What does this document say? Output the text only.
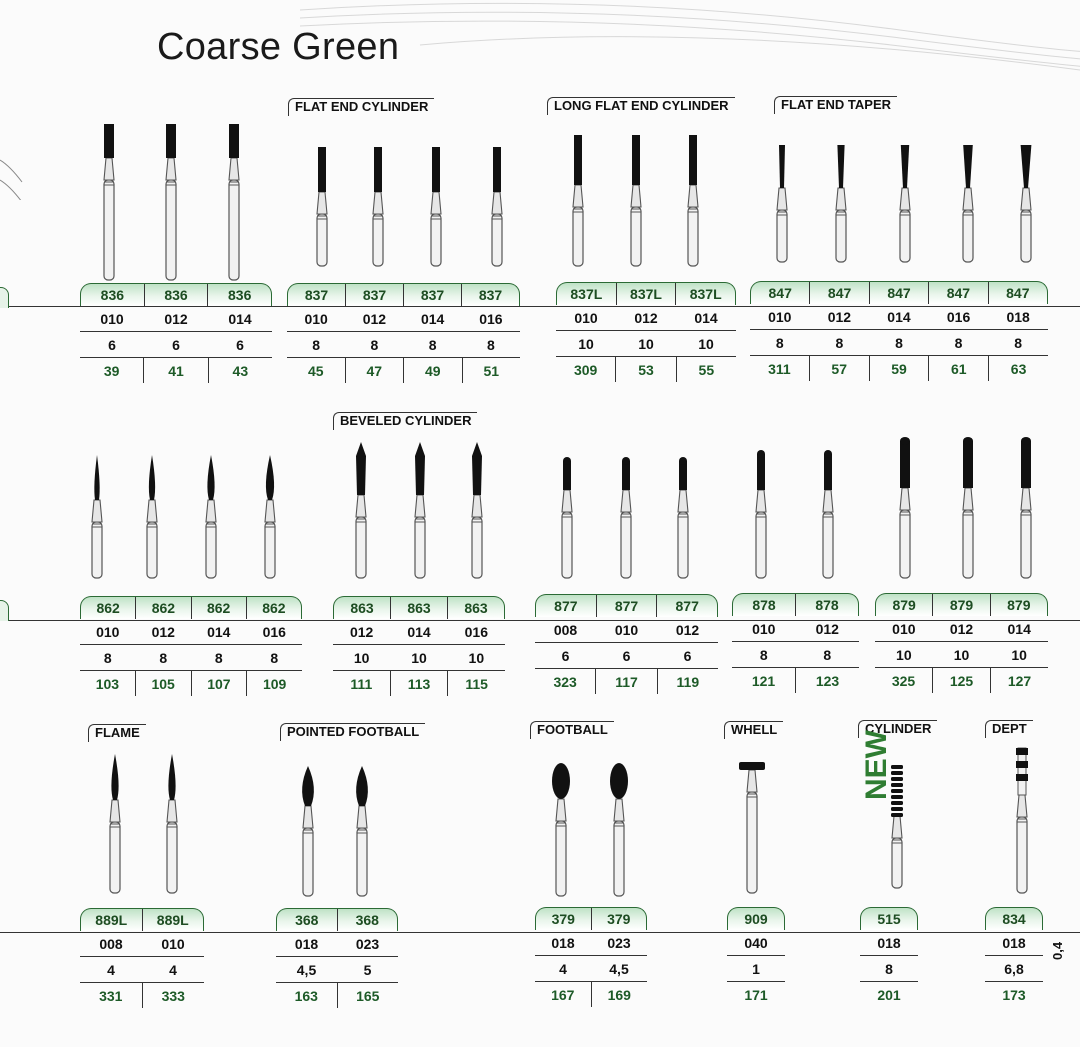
Coarse Green
FLAT END CYLINDER	LONG FLAT END CYLINDER	FLAT END TAPER
BEVELED CYLINDER
FLAME	POINTED FOOTBALL	FOOTBALL	WHELL	CYLINDER	DEPT
836	836	836
010	012	014
6	6	6
39	41	43
837	837	837	837
010	012	014	016
8	8	8	8
45	47	49	51
837L	837L	837L
010	012	014
10	10	10
309	53	55
847	847	847	847	847
010	012	014	016	018
8	8	8	8	8
311	57	59	61	63
862	862	862	862
010	012	014	016
8	8	8	8
103	105	107	109
863	863	863
012	014	016
10	10	10
111	113	115
877	877	877
008	010	012
6	6	6
323	117	119
878	878
010	012
8	8
121	123
879	879	879
010	012	014
10	10	10
325	125	127
889L	889L
008	010
4	4
331	333
368	368
018	023
4,5	5
163	165
379	379
018	023
4	4,5
167	169
909
040
1
171
515
018
8
201
834
018
6,8
173
NEW
0,4
